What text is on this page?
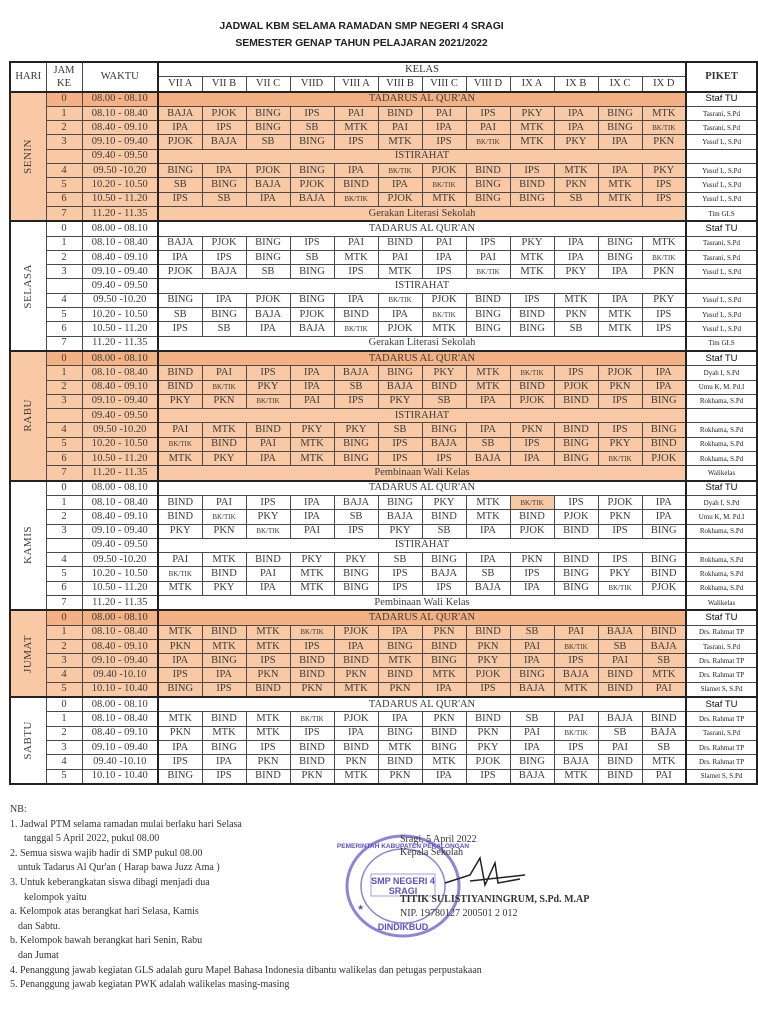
JADWAL KBM SELAMA RAMADAN SMP NEGERI 4 SRAGI
SEMESTER GENAP TAHUN PELAJARAN 2021/2022
HARI	JAM
KE	WAKTU	KELAS												PIKET
			VII A	VII B	VII C	VIID	VIII A	VIII B	VIII C	VIII D	IX A	IX B	IX C	IX D	

SENIN	0	08.00 - 08.10	TADARUS AL QUR'AN												Staf TU
	1	08.10 - 08.40	BAJA	PJOK	BING	IPS	PAI	BIND	PAI	IPS	PKY	IPA	BING	MTK	Tasrani, S.Pd
	2	08.40 - 09.10	IPA	IPS	BING	SB	MTK	PAI	IPA	PAI	MTK	IPA	BING	BK/TIK	Tasrani, S.Pd
	3	09.10 - 09.40	PJOK	BAJA	SB	BING	IPS	MTK	IPS	BK/TIK	MTK	PKY	IPA	PKN	Yusuf L, S.Pd
		09.40 - 09.50	ISTIRAHAT												
	4	09.50 -10.20	BING	IPA	PJOK	BING	IPA	BK/TIK	PJOK	BIND	IPS	MTK	IPA	PKY	Yusuf L, S.Pd
	5	10.20 - 10.50	SB	BING	BAJA	PJOK	BIND	IPA	BK/TIK	BING	BIND	PKN	MTK	IPS	Yusuf L, S.Pd
	6	10.50 - 11.20	IPS	SB	IPA	BAJA	BK/TIK	PJOK	MTK	BING	BING	SB	MTK	IPS	Yusuf L, S.Pd
	7	11.20 - 11.35	Gerakan Literasi Sekolah												Tim GLS

SELASA	0	08.00 - 08.10	TADARUS AL QUR'AN												Staf TU
	1	08.10 - 08.40	BAJA	PJOK	BING	IPS	PAI	BIND	PAI	IPS	PKY	IPA	BING	MTK	Tasrani, S.Pd
	2	08.40 - 09.10	IPA	IPS	BING	SB	MTK	PAI	IPA	PAI	MTK	IPA	BING	BK/TIK	Tasrani, S.Pd
	3	09.10 - 09.40	PJOK	BAJA	SB	BING	IPS	MTK	IPS	BK/TIK	MTK	PKY	IPA	PKN	Yusuf L, S.Pd
		09.40 - 09.50	ISTIRAHAT												
	4	09.50 -10.20	BING	IPA	PJOK	BING	IPA	BK/TIK	PJOK	BIND	IPS	MTK	IPA	PKY	Yusuf L, S.Pd
	5	10.20 - 10.50	SB	BING	BAJA	PJOK	BIND	IPA	BK/TIK	BING	BIND	PKN	MTK	IPS	Yusuf L, S.Pd
	6	10.50 - 11.20	IPS	SB	IPA	BAJA	BK/TIK	PJOK	MTK	BING	BING	SB	MTK	IPS	Yusuf L, S.Pd
	7	11.20 - 11.35	Gerakan Literasi Sekolah												Tim GLS

RABU	0	08.00 - 08.10	TADARUS AL QUR'AN												Staf TU
	1	08.10 - 08.40	BIND	PAI	IPS	IPA	BAJA	BING	PKY	MTK	BK/TIK	IPS	PJOK	IPA	Dyah I, S.Pd
	2	08.40 - 09.10	BIND	BK/TIK	PKY	IPA	SB	BAJA	BIND	MTK	BIND	PJOK	PKN	IPA	Umu K, M. Pd.I
	3	09.10 - 09.40	PKY	PKN	BK/TIK	PAI	IPS	PKY	SB	IPA	PJOK	BIND	IPS	BING	Rokhama, S.Pd
		09.40 - 09.50	ISTIRAHAT												
	4	09.50 -10.20	PAI	MTK	BIND	PKY	PKY	SB	BING	IPA	PKN	BIND	IPS	BING	Rokhama, S.Pd
	5	10.20 - 10.50	BK/TIK	BIND	PAI	MTK	BING	IPS	BAJA	SB	IPS	BING	PKY	BIND	Rokhama, S.Pd
	6	10.50 - 11.20	MTK	PKY	IPA	MTK	BING	IPS	IPS	BAJA	IPA	BING	BK/TIK	PJOK	Rokhama, S.Pd
	7	11.20 - 11.35	Pembinaan Wali Kelas												Walikelas

KAMIS	0	08.00 - 08.10	TADARUS AL QUR'AN												Staf TU
	1	08.10 - 08.40	BIND	PAI	IPS	IPA	BAJA	BING	PKY	MTK	BK/TIK	IPS	PJOK	IPA	Dyah I, S.Pd
	2	08.40 - 09.10	BIND	BK/TIK	PKY	IPA	SB	BAJA	BIND	MTK	BIND	PJOK	PKN	IPA	Umu K, M. Pd.I
	3	09.10 - 09.40	PKY	PKN	BK/TIK	PAI	IPS	PKY	SB	IPA	PJOK	BIND	IPS	BING	Rokhama, S.Pd
		09.40 - 09.50	ISTIRAHAT												
	4	09.50 -10.20	PAI	MTK	BIND	PKY	PKY	SB	BING	IPA	PKN	BIND	IPS	BING	Rokhama, S.Pd
	5	10.20 - 10.50	BK/TIK	BIND	PAI	MTK	BING	IPS	BAJA	SB	IPS	BING	PKY	BIND	Rokhama, S.Pd
	6	10.50 - 11.20	MTK	PKY	IPA	MTK	BING	IPS	IPS	BAJA	IPA	BING	BK/TIK	PJOK	Rokhama, S.Pd
	7	11.20 - 11.35	Pembinaan Wali Kelas												Walikelas

JUMAT	0	08.00 - 08.10	TADARUS AL QUR'AN												Staf TU
	1	08.10 - 08.40	MTK	BIND	MTK	BK/TIK	PJOK	IPA	PKN	BIND	SB	PAI	BAJA	BIND	Drs. Rahmat TP
	2	08.40 - 09.10	PKN	MTK	MTK	IPS	IPA	BING	BIND	PKN	PAI	BK/TIK	SB	BAJA	Tasrani, S.Pd
	3	09.10 - 09.40	IPA	BING	IPS	BIND	BIND	MTK	BING	PKY	IPA	IPS	PAI	SB	Drs. Rahmat TP
	4	09.40 -10.10	IPS	IPA	PKN	BIND	PKN	BIND	MTK	PJOK	BING	BAJA	BIND	MTK	Drs. Rahmat TP
	5	10.10 - 10.40	BING	IPS	BIND	PKN	MTK	PKN	IPA	IPS	BAJA	MTK	BIND	PAI	Slamet S, S.Pd

SABTU	0	08.00 - 08.10	TADARUS AL QUR'AN												Staf TU
	1	08.10 - 08.40	MTK	BIND	MTK	BK/TIK	PJOK	IPA	PKN	BIND	SB	PAI	BAJA	BIND	Drs. Rahmat TP
	2	08.40 - 09.10	PKN	MTK	MTK	IPS	IPA	BING	BIND	PKN	PAI	BK/TIK	SB	BAJA	Tasrani, S.Pd
	3	09.10 - 09.40	IPA	BING	IPS	BIND	BIND	MTK	BING	PKY	IPA	IPS	PAI	SB	Drs. Rahmat TP
	4	09.40 -10.10	IPS	IPA	PKN	BIND	PKN	BIND	MTK	PJOK	BING	BAJA	BIND	MTK	Drs. Rahmat TP
	5	10.10 - 10.40	BING	IPS	BIND	PKN	MTK	PKN	IPA	IPS	BAJA	MTK	BIND	PAI	Slamet S, S.Pd
NB:
1. Jadwal PTM selama ramadan mulai berlaku hari Selasa
tanggal 5 April 2022, pukul 08.00
2. Semua siswa wajib hadir di SMP pukul 08.00
untuk Tadarus Al Qur'an ( Harap bawa Juzz Ama )
3. Untuk keberangkatan siswa dibagi menjadi dua
kelompok yaitu
a. Kelompok atas berangkat hari Selasa, Kamis
dan Sabtu.
b. Kelompok bawah berangkat hari Senin, Rabu
dan Jumat
4. Penanggung jawab kegiatan GLS adalah guru Mapel Bahasa Indonesia dibantu walikelas dan petugas perpustakaan
5. Penanggung jawab kegiatan PWK adalah walikelas masing-masing
SMP NEGERI 4
SRAGI
PEMERINTAH KABUPATEN PEKALONGAN
DINDIKBUD
★
Sragi, 5 April 2022
Kepala Sekolah
TITIK SULISTIYANINGRUM, S.Pd. M.AP
NIP. 19780127 200501 2 012
